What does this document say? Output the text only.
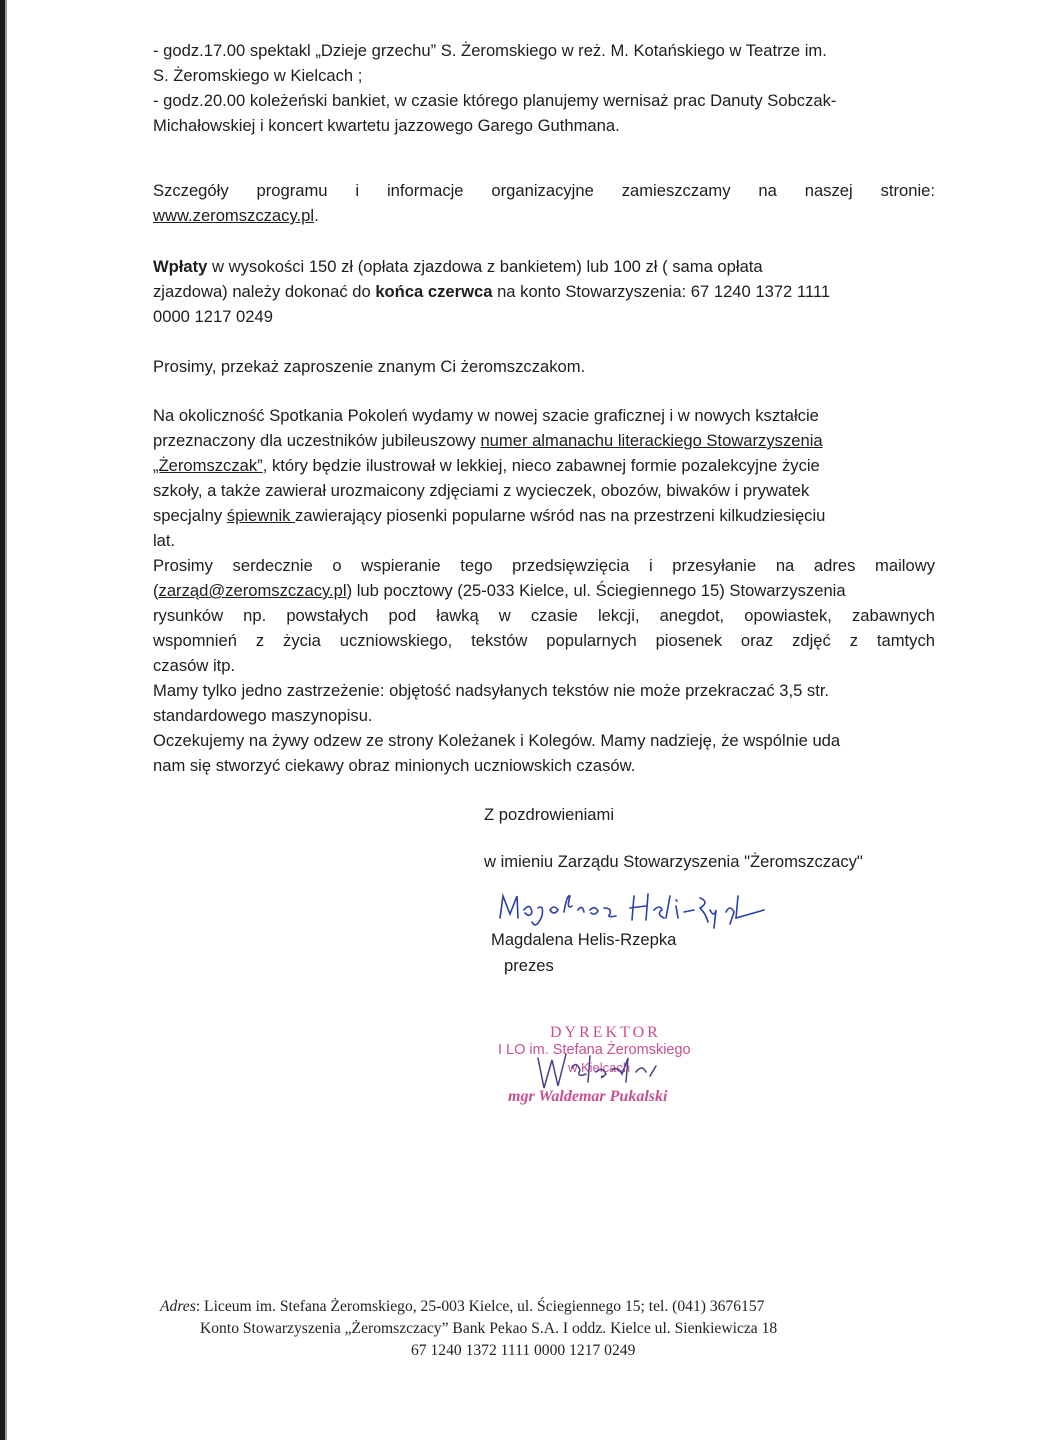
- godz.17.00 spektakl „Dzieje grzechu” S. Żeromskiego w reż. M. Kotańskiego w Teatrze im.
S. Żeromskiego w Kielcach ;
- godz.20.00 koleżeński bankiet, w czasie którego planujemy wernisaż prac Danuty Sobczak-
Michałowskiej i koncert kwartetu jazzowego Garego Guthmana.
Szczegóły programu i informacje organizacyjne zamieszczamy na naszej stronie:
www.zeromszczacy.pl.
Wpłaty w wysokości 150 zł (opłata zjazdowa z bankietem) lub 100 zł ( sama opłata
zjazdowa) należy dokonać do końca czerwca na konto Stowarzyszenia: 67 1240 1372 1111
0000 1217 0249
Prosimy, przekaż zaproszenie znanym Ci żeromszczakom.
Na okoliczność Spotkania Pokoleń wydamy w nowej szacie graficznej i w nowych kształcie
przeznaczony dla uczestników jubileuszowy numer almanachu literackiego Stowarzyszenia
„Żeromszczak”, który będzie ilustrował w lekkiej, nieco zabawnej formie pozalekcyjne życie
szkoły, a także zawierał urozmaicony zdjęciami z wycieczek, obozów, biwaków i prywatek
specjalny śpiewnik zawierający piosenki popularne wśród nas na przestrzeni kilkudziesięciu
lat.
Prosimy serdecznie o wspieranie tego przedsięwzięcia i przesyłanie na adres mailowy
(zarząd@zeromszczacy.pl) lub pocztowy (25-033 Kielce, ul. Ściegiennego 15) Stowarzyszenia
rysunków np. powstałych pod ławką w czasie lekcji, anegdot, opowiastek, zabawnych
wspomnień z życia uczniowskiego, tekstów popularnych piosenek oraz zdjęć z tamtych
czasów itp.
Mamy tylko jedno zastrzeżenie: objętość nadsyłanych tekstów nie może przekraczać 3,5 str.
standardowego maszynopisu.
Oczekujemy na żywy odzew ze strony Koleżanek i Kolegów. Mamy nadzieję, że wspólnie uda
nam się stworzyć ciekawy obraz minionych uczniowskich czasów.
Z pozdrowieniami
w imieniu Zarządu Stowarzyszenia "Żeromszczacy"
Magdalena Helis-Rzepka
prezes
DYREKTOR
I LO im. Stefana Żeromskiego
w Kielcach
mgr Waldemar Pukalski
Adres: Liceum im. Stefana Żeromskiego, 25-003 Kielce, ul. Ściegiennego 15; tel. (041) 3676157
Konto Stowarzyszenia „Żeromszczacy” Bank Pekao S.A. I oddz. Kielce ul. Sienkiewicza 18
67 1240 1372 1111 0000 1217 0249
